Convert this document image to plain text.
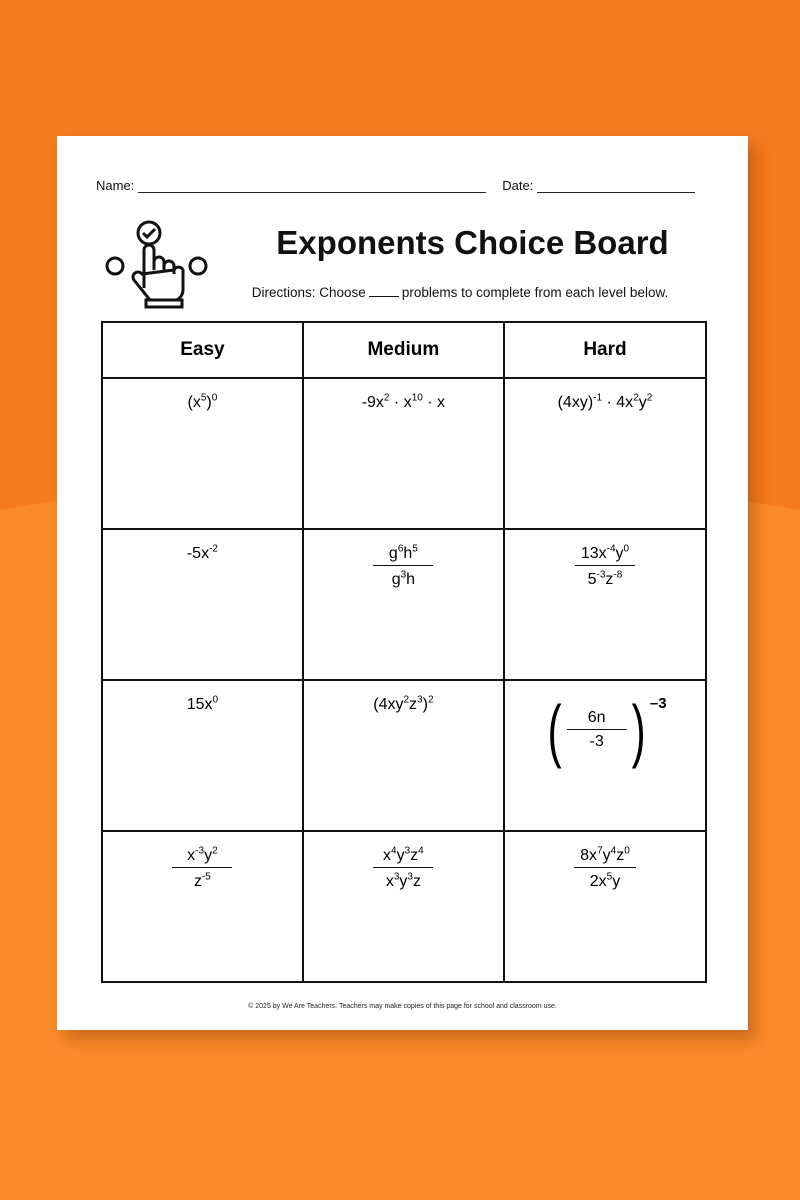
Name:	Date:
Exponents Choice Board
Directions: Choose	problems to complete from each level below.
Easy	Medium	Hard
$(x^5)^0$	$-9x^2 \cdot x^{10} \cdot x$	$(4xy)^{-1} \cdot 4x^2y^2$
$-5x^{-2}$	$\frac{g^6h^5}{g^3h}$	$\frac{13x^{-4}y^0}{5^{-3}z^{-8}}$

$15x^0$	$(4xy^2z^3)^2$	( $\frac{6n}{-3}$ ) –3

$\frac{x^{-3}y^2}{z^{-5}}$	$\frac{x^4y^3z^4}{x^3y^3z}$	$\frac{8x^7y^4z^0}{2x^5y}$
© 2025 by We Are Teachers. Teachers may make copies of this page for school and classroom use.
